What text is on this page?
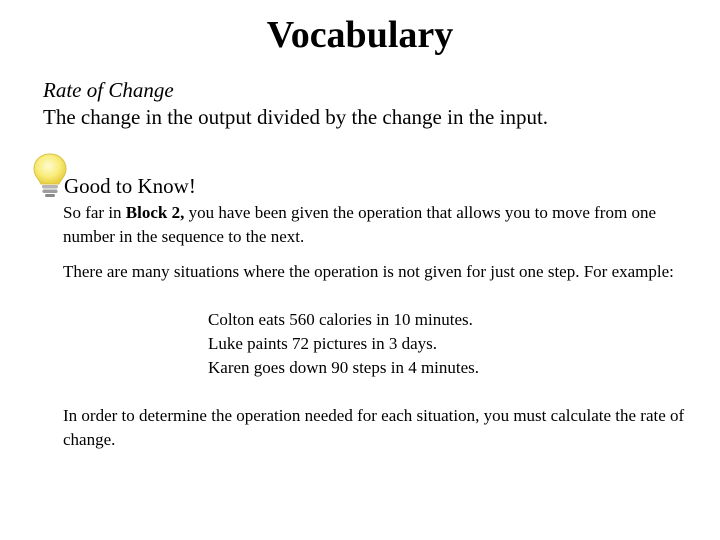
Vocabulary
Rate of Change
The change in the output divided by the change in the input.
Good to Know!
So far in Block 2, you have been given the operation that allows you to move from one number in the sequence to the next.
There are many situations where the operation is not given for just one step. For example:
Colton eats 560 calories in 10 minutes.
Luke paints 72 pictures in 3 days.
Karen goes down 90 steps in 4 minutes.
In order to determine the operation needed for each situation, you must calculate the rate of change.
